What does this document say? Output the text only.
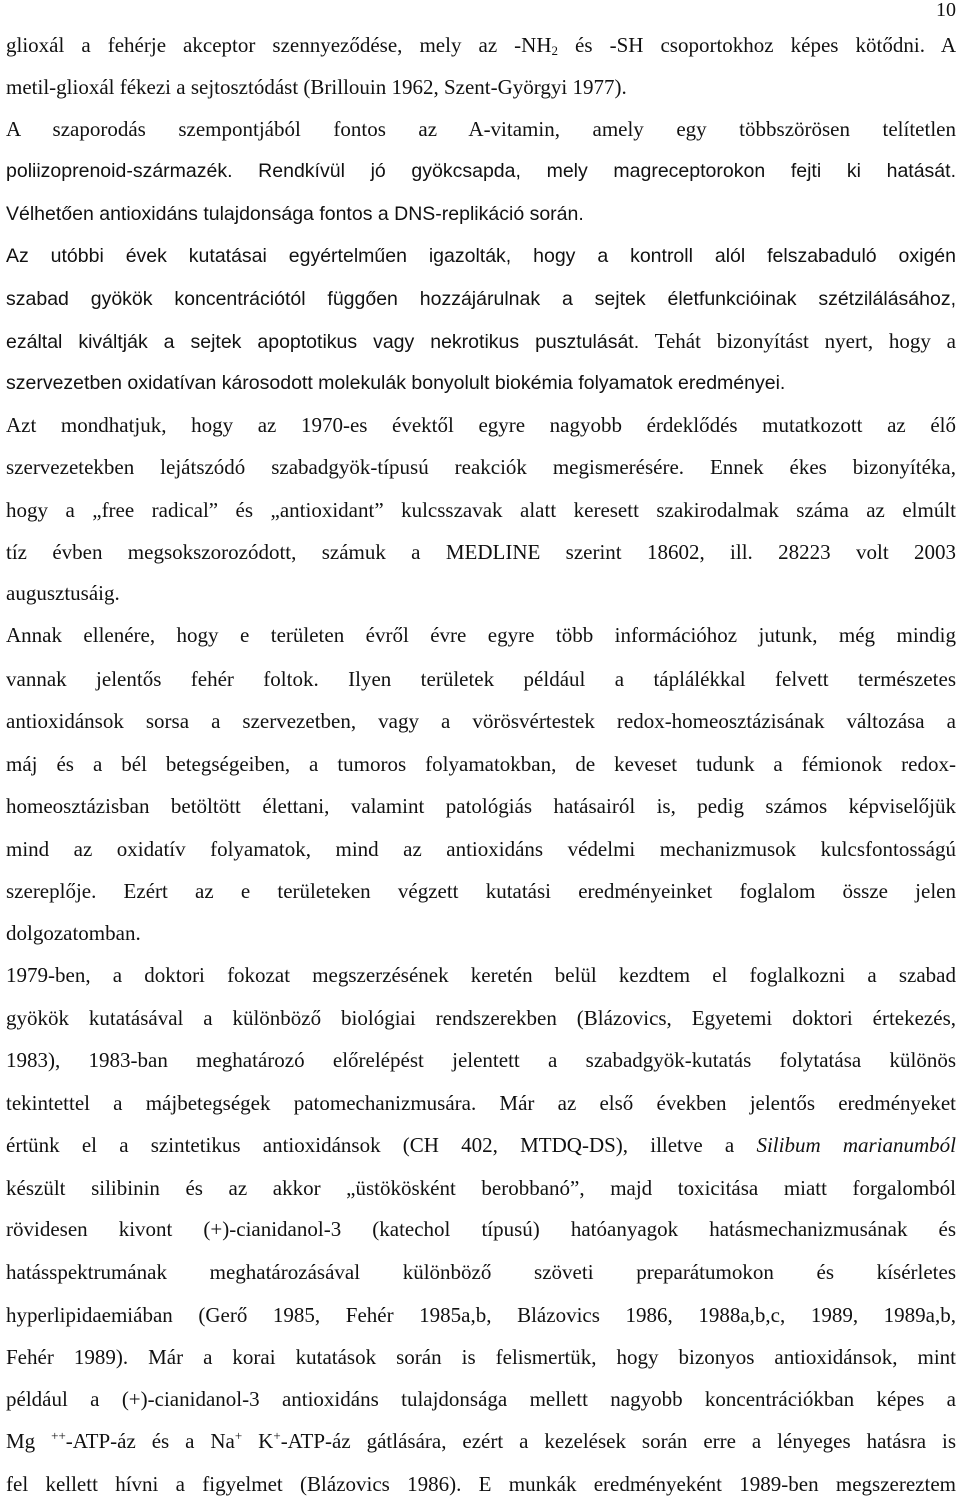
10
glioxál a fehérje akceptor szennyeződése, mely az $-NH_2$ és -SH csoportokhoz képes kötődni. A
metil-glioxál fékezi a sejtosztódást (Brillouin 1962, Szent-Györgyi 1977).
A szaporodás szempontjából fontos az A-vitamin, amely egy többszörösen telítetlen
poliizoprenoid-származék. Rendkívül jó gyökcsapda, mely magreceptorokon fejti ki hatását.
Vélhetően antioxidáns tulajdonsága fontos a DNS-replikáció során.
Az utóbbi évek kutatásai egyértelműen igazolták, hogy a kontroll alól felszabaduló oxigén
szabad gyökök koncentrációtól függően hozzájárulnak a sejtek életfunkcióinak szétzilálásához,
ezáltal kiváltják a sejtek apoptotikus vagy nekrotikus pusztulását. Tehát bizonyítást nyert, hogy a
szervezetben oxidatívan károsodott molekulák bonyolult biokémia folyamatok eredményei.
Azt mondhatjuk, hogy az 1970-es évektől egyre nagyobb érdeklődés mutatkozott az élő
szervezetekben lejátszódó szabadgyök-típusú reakciók megismerésére. Ennek ékes bizonyítéka,
hogy a „free radical” és „antioxidant” kulcsszavak alatt keresett szakirodalmak száma az elmúlt
tíz évben megsokszorozódott, számuk a MEDLINE szerint 18602, ill. 28223 volt 2003
augusztusáig.
Annak ellenére, hogy e területen évről évre egyre több információhoz jutunk, még mindig
vannak jelentős fehér foltok. Ilyen területek például a táplálékkal felvett természetes
antioxidánsok sorsa a szervezetben, vagy a vörösvértestek redox-homeosztázisának változása a
máj és a bél betegségeiben, a tumoros folyamatokban, de keveset tudunk a fémionok redox-
homeosztázisban betöltött élettani, valamint patológiás hatásairól is, pedig számos képviselőjük
mind az oxidatív folyamatok, mind az antioxidáns védelmi mechanizmusok kulcsfontosságú
szereplője. Ezért az e területeken végzett kutatási eredményeinket foglalom össze jelen
dolgozatomban.
1979-ben, a doktori fokozat megszerzésének keretén belül kezdtem el foglalkozni a szabad
gyökök kutatásával a különböző biológiai rendszerekben (Blázovics, Egyetemi doktori értekezés,
1983), 1983-ban meghatározó előrelépést jelentett a szabadgyök-kutatás folytatása különös
tekintettel a májbetegségek patomechanizmusára. Már az első években jelentős eredményeket
értünk el a szintetikus antioxidánsok (CH 402, MTDQ-DS), illetve a Silibum marianumból
készült silibinin és az akkor „üstökösként berobbanó”, majd toxicitása miatt forgalomból
rövidesen kivont (+)-cianidanol-3 (katechol típusú) hatóanyagok hatásmechanizmusának és
hatásspektrumának meghatározásával különböző szöveti preparátumokon és kísérletes
hyperlipidaemiában (Gerő 1985, Fehér 1985a,b, Blázovics 1986, 1988a,b,c, 1989, 1989a,b,
Fehér 1989). Már a korai kutatások során is felismertük, hogy bizonyos antioxidánsok, mint
például a (+)-cianidanol-3 antioxidáns tulajdonsága mellett nagyobb koncentrációkban képes a
Mg ++-ATP-áz és a Na+ K+-ATP-áz gátlására, ezért a kezelések során erre a lényeges hatásra is
fel kellett hívni a figyelmet (Blázovics 1986). E munkák eredményeként 1989-ben megszereztem
